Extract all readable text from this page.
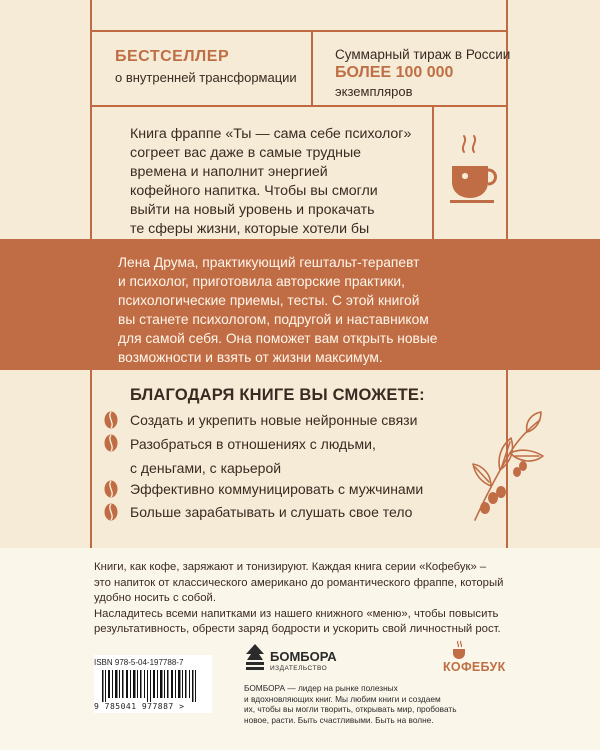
БЕСТСЕЛЛЕР
о внутренней трансформации
Суммарный тираж в России
БОЛЕЕ 100 000
экземпляров
Книга фраппе «Ты — сама себе психолог»
согреет вас даже в самые трудные
времена и наполнит энергией
кофейного напитка. Чтобы вы смогли
выйти на новый уровень и прокачать
те сферы жизни, которые хотели бы

Лена Друма, практикующий гештальт-терапевт
и психолог, приготовила авторские практики,
психологические приемы, тесты. С этой книгой
вы станете психологом, подругой и наставником
для самой себя. Она поможет вам открыть новые
возможности и взять от жизни максимум.
БЛАГОДАРЯ КНИГЕ ВЫ СМОЖЕТЕ:
Создать и укрепить новые нейронные связи
Разобраться в отношениях с людьми,
с деньгами, с карьерой
Эффективно коммуницировать с мужчинами
Больше зарабатывать и слушать свое тело
Книги, как кофе, заряжают и тонизируют. Каждая книга серии «Кофебук» –
это напиток от классического американо до романтического фраппе, который
удобно носить с собой.
Насладитесь всеми напитками из нашего книжного «меню», чтобы повысить
результативность, обрести заряд бодрости и ускорить свой личностный рост.
ISBN 978-5-04-197788-7
9 785041 977887 >
БОМБОРА
ИЗДАТЕЛЬСТВО
БОМБОРА — лидер на рынке полезных
и вдохновляющих книг. Мы любим книги и создаем
их, чтобы вы могли творить, открывать мир, пробовать
новое, расти. Быть счастливыми. Быть на волне.
КОФЕБУК
